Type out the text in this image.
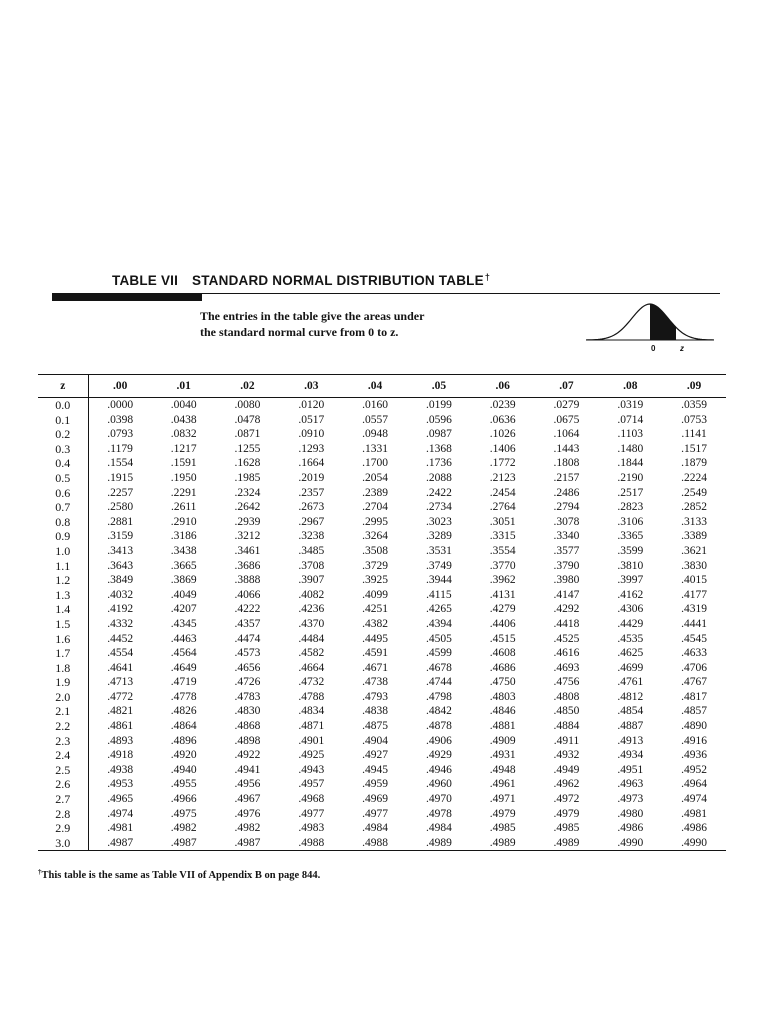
TABLE VII STANDARD NORMAL DISTRIBUTION TABLE†
The entries in the table give the areas under the standard normal curve from 0 to z.
0	z
z	.00	.01	.02	.03	.04	.05	.06	.07	.08	.09
0.0	.0000	.0040	.0080	.0120	.0160	.0199	.0239	.0279	.0319	.0359
0.1	.0398	.0438	.0478	.0517	.0557	.0596	.0636	.0675	.0714	.0753
0.2	.0793	.0832	.0871	.0910	.0948	.0987	.1026	.1064	.1103	.1141
0.3	.1179	.1217	.1255	.1293	.1331	.1368	.1406	.1443	.1480	.1517
0.4	.1554	.1591	.1628	.1664	.1700	.1736	.1772	.1808	.1844	.1879
0.5	.1915	.1950	.1985	.2019	.2054	.2088	.2123	.2157	.2190	.2224
0.6	.2257	.2291	.2324	.2357	.2389	.2422	.2454	.2486	.2517	.2549
0.7	.2580	.2611	.2642	.2673	.2704	.2734	.2764	.2794	.2823	.2852
0.8	.2881	.2910	.2939	.2967	.2995	.3023	.3051	.3078	.3106	.3133
0.9	.3159	.3186	.3212	.3238	.3264	.3289	.3315	.3340	.3365	.3389
1.0	.3413	.3438	.3461	.3485	.3508	.3531	.3554	.3577	.3599	.3621
1.1	.3643	.3665	.3686	.3708	.3729	.3749	.3770	.3790	.3810	.3830
1.2	.3849	.3869	.3888	.3907	.3925	.3944	.3962	.3980	.3997	.4015
1.3	.4032	.4049	.4066	.4082	.4099	.4115	.4131	.4147	.4162	.4177
1.4	.4192	.4207	.4222	.4236	.4251	.4265	.4279	.4292	.4306	.4319
1.5	.4332	.4345	.4357	.4370	.4382	.4394	.4406	.4418	.4429	.4441
1.6	.4452	.4463	.4474	.4484	.4495	.4505	.4515	.4525	.4535	.4545
1.7	.4554	.4564	.4573	.4582	.4591	.4599	.4608	.4616	.4625	.4633
1.8	.4641	.4649	.4656	.4664	.4671	.4678	.4686	.4693	.4699	.4706
1.9	.4713	.4719	.4726	.4732	.4738	.4744	.4750	.4756	.4761	.4767
2.0	.4772	.4778	.4783	.4788	.4793	.4798	.4803	.4808	.4812	.4817
2.1	.4821	.4826	.4830	.4834	.4838	.4842	.4846	.4850	.4854	.4857
2.2	.4861	.4864	.4868	.4871	.4875	.4878	.4881	.4884	.4887	.4890
2.3	.4893	.4896	.4898	.4901	.4904	.4906	.4909	.4911	.4913	.4916
2.4	.4918	.4920	.4922	.4925	.4927	.4929	.4931	.4932	.4934	.4936
2.5	.4938	.4940	.4941	.4943	.4945	.4946	.4948	.4949	.4951	.4952
2.6	.4953	.4955	.4956	.4957	.4959	.4960	.4961	.4962	.4963	.4964
2.7	.4965	.4966	.4967	.4968	.4969	.4970	.4971	.4972	.4973	.4974
2.8	.4974	.4975	.4976	.4977	.4977	.4978	.4979	.4979	.4980	.4981
2.9	.4981	.4982	.4982	.4983	.4984	.4984	.4985	.4985	.4986	.4986
3.0	.4987	.4987	.4987	.4988	.4988	.4989	.4989	.4989	.4990	.4990
†This table is the same as Table VII of Appendix B on page 844.
